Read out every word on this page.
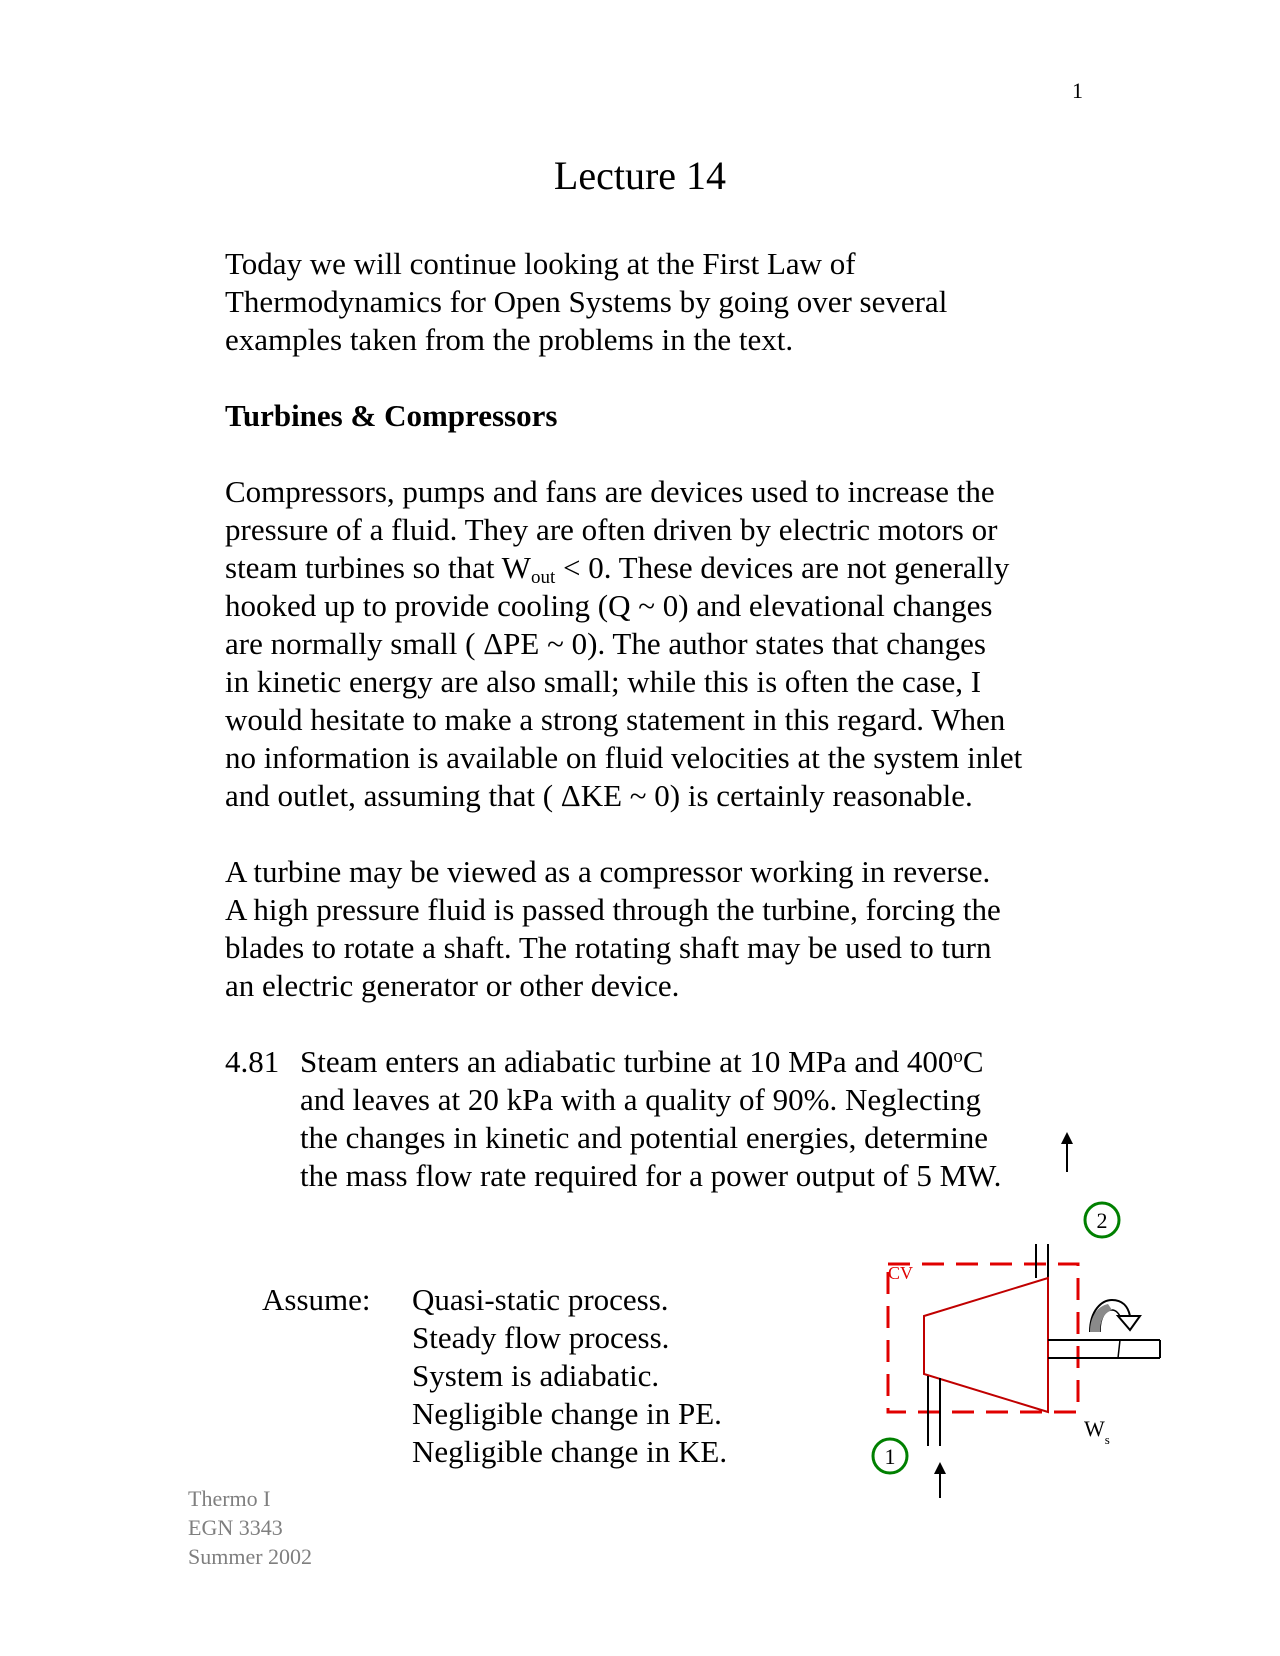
1
Lecture 14
Today we will continue looking at the First Law of
Thermodynamics for Open Systems by going over several
examples taken from the problems in the text.
Turbines & Compressors
Compressors, pumps and fans are devices used to increase the
pressure of a fluid. They are often driven by electric motors or
steam turbines so that $W_{out} < 0$. These devices are not generally
hooked up to provide cooling (Q ~ 0) and elevational changes
are normally small ( ΔPE ~ 0). The author states that changes
in kinetic energy are also small; while this is often the case, I
would hesitate to make a strong statement in this regard. When
no information is available on fluid velocities at the system inlet
and outlet, assuming that ( ΔKE ~ 0) is certainly reasonable.
A turbine may be viewed as a compressor working in reverse.
A high pressure fluid is passed through the turbine, forcing the
blades to rotate a shaft. The rotating shaft may be used to turn
an electric generator or other device.
4.81 Steam enters an adiabatic turbine at 10 MPa and 400$^o$C
and leaves at 20 kPa with a quality of 90%. Neglecting
the changes in kinetic and potential energies, determine
the mass flow rate required for a power output of 5 MW.
Assume: Quasi-static process.
Steady flow process.
System is adiabatic.
Negligible change in PE.
Negligible change in KE.
Thermo I
EGN 3343
Summer 2002
CV
2
1
$W_s$
